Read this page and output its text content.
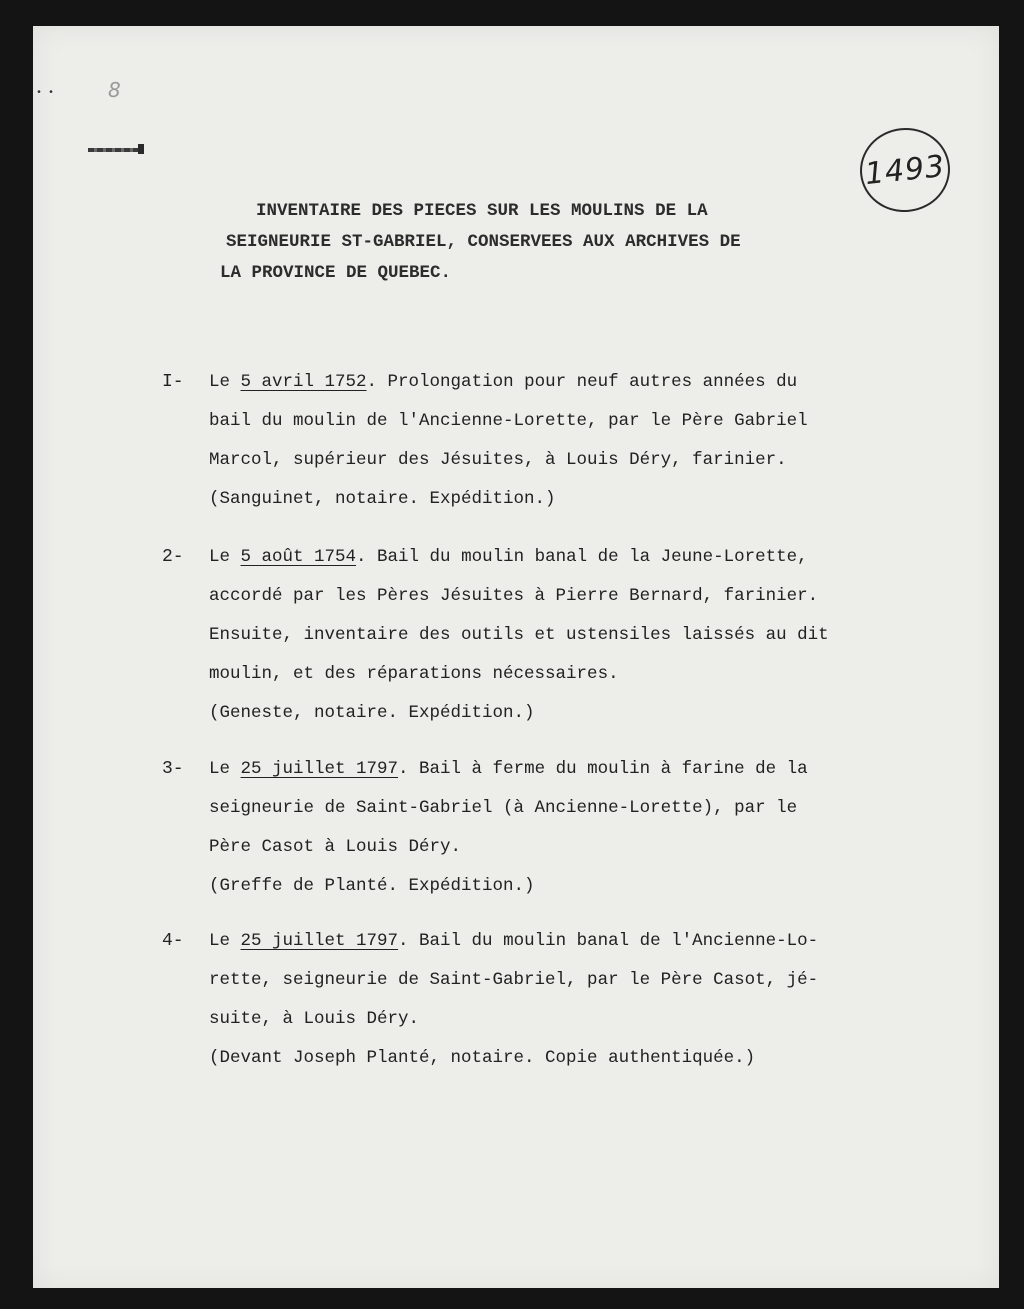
• •	8
1493
INVENTAIRE DES PIECES SUR LES MOULINS DE LA
SEIGNEURIE ST-GABRIEL, CONSERVEES AUX ARCHIVES DE
LA PROVINCE DE QUEBEC.
I- Le 5 avril 1752. Prolongation pour neuf autres années du
bail du moulin de l'Ancienne-Lorette, par le Père Gabriel
Marcol, supérieur des Jésuites, à Louis Déry, farinier.
(Sanguinet, notaire. Expédition.)
2- Le 5 août 1754. Bail du moulin banal de la Jeune-Lorette,
accordé par les Pères Jésuites à Pierre Bernard, farinier.
Ensuite, inventaire des outils et ustensiles laissés au dit
moulin, et des réparations nécessaires.
(Geneste, notaire. Expédition.)
3- Le 25 juillet 1797. Bail à ferme du moulin à farine de la
seigneurie de Saint-Gabriel (à Ancienne-Lorette), par le
Père Casot à Louis Déry.
(Greffe de Planté. Expédition.)
4- Le 25 juillet 1797. Bail du moulin banal de l'Ancienne-Lo-
rette, seigneurie de Saint-Gabriel, par le Père Casot, jé-
suite, à Louis Déry.
(Devant Joseph Planté, notaire. Copie authentiquée.)
